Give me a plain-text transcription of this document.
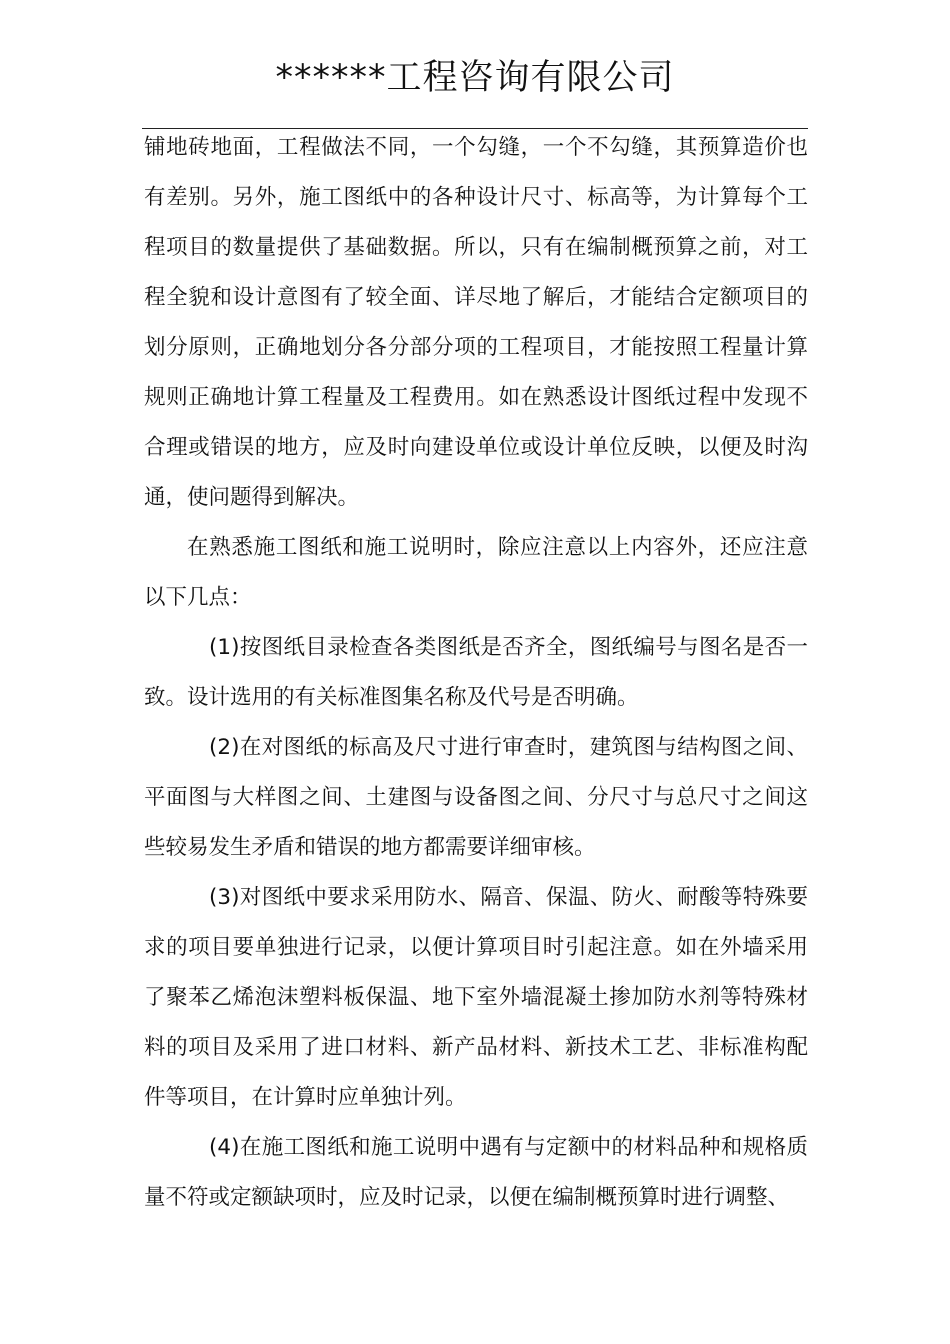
******工程咨询有限公司

铺地砖地面，工程做法不同，一个勾缝，一个不勾缝，其预算造价也有差别。另外，施工图纸中的各种设计尺寸、标高等，为计算每个工程项目的数量提供了基础数据。所以，只有在编制概预算之前，对工程全貌和设计意图有了较全面、详尽地了解后，才能结合定额项目的划分原则，正确地划分各分部分项的工程项目，才能按照工程量计算规则正确地计算工程量及工程费用。如在熟悉设计图纸过程中发现不合理或错误的地方，应及时向建设单位或设计单位反映，以便及时沟通，使问题得到解决。

在熟悉施工图纸和施工说明时，除应注意以上内容外，还应注意以下几点：

(1)按图纸目录检查各类图纸是否齐全，图纸编号与图名是否一致。设计选用的有关标准图集名称及代号是否明确。

(2)在对图纸的标高及尺寸进行审查时，建筑图与结构图之间、平面图与大样图之间、土建图与设备图之间、分尺寸与总尺寸之间这些较易发生矛盾和错误的地方都需要详细审核。

(3)对图纸中要求采用防水、隔音、保温、防火、耐酸等特殊要求的项目要单独进行记录，以便计算项目时引起注意。如在外墙采用了聚苯乙烯泡沫塑料板保温、地下室外墙混凝土掺加防水剂等特殊材料的项目及采用了进口材料、新产品材料、新技术工艺、非标准构配件等项目，在计算时应单独计列。

(4)在施工图纸和施工说明中遇有与定额中的材料品种和规格质量不符或定额缺项时，应及时记录，以便在编制概预算时进行调整、
